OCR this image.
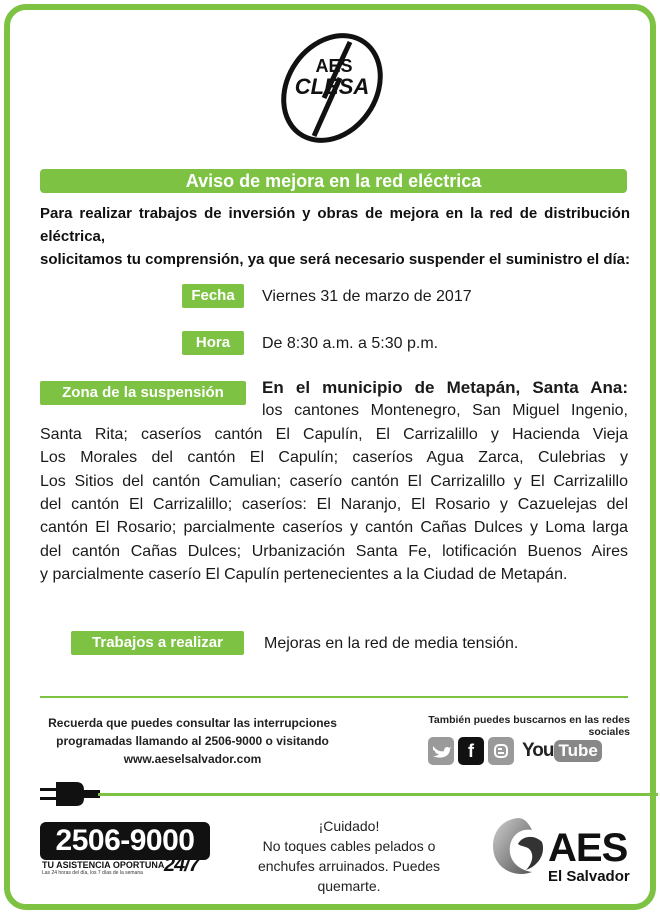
AES
CLESA
Aviso de mejora en la red eléctrica
Para realizar trabajos de inversión y obras de mejora en la red de distribución eléctrica,
solicitamos tu comprensión, ya que será necesario suspender el suministro el día:
Fecha	Viernes 31 de marzo de 2017
Hora	De 8:30 a.m. a 5:30 p.m.
Zona de la suspensión	En el municipio de Metapán, Santa Ana:
los cantones Montenegro, San Miguel Ingenio,
Santa Rita; caseríos cantón El Capulín, El Carrizalillo y Hacienda Vieja
Los Morales del cantón El Capulín; caseríos Agua Zarca, Culebrias y
Los Sitios del cantón Camulian; caserío cantón El Carrizalillo y El Carrizalillo
del cantón El Carrizalillo; caseríos: El Naranjo, El Rosario y Cazuelejas del
cantón El Rosario; parcialmente caseríos y cantón Cañas Dulces y Loma larga
del cantón Cañas Dulces; Urbanización Santa Fe, lotificación Buenos Aires
y parcialmente caserío El Capulín pertenecientes a la Ciudad de Metapán.
Trabajos a realizar	Mejoras en la red de media tensión.
Recuerda que puedes consultar las interrupciones
programadas llamando al 2506-9000 o visitando
www.aeselsalvador.com
También puedes buscarnos en las redes sociales
f	You Tube
2506-9000
TU ASISTENCIA OPORTUNA
Las 24 horas del día, los 7 días de la semana 24/7
¡Cuidado!
No toques cables pelados o
enchufes arruinados. Puedes
quemarte.
AES
El Salvador
